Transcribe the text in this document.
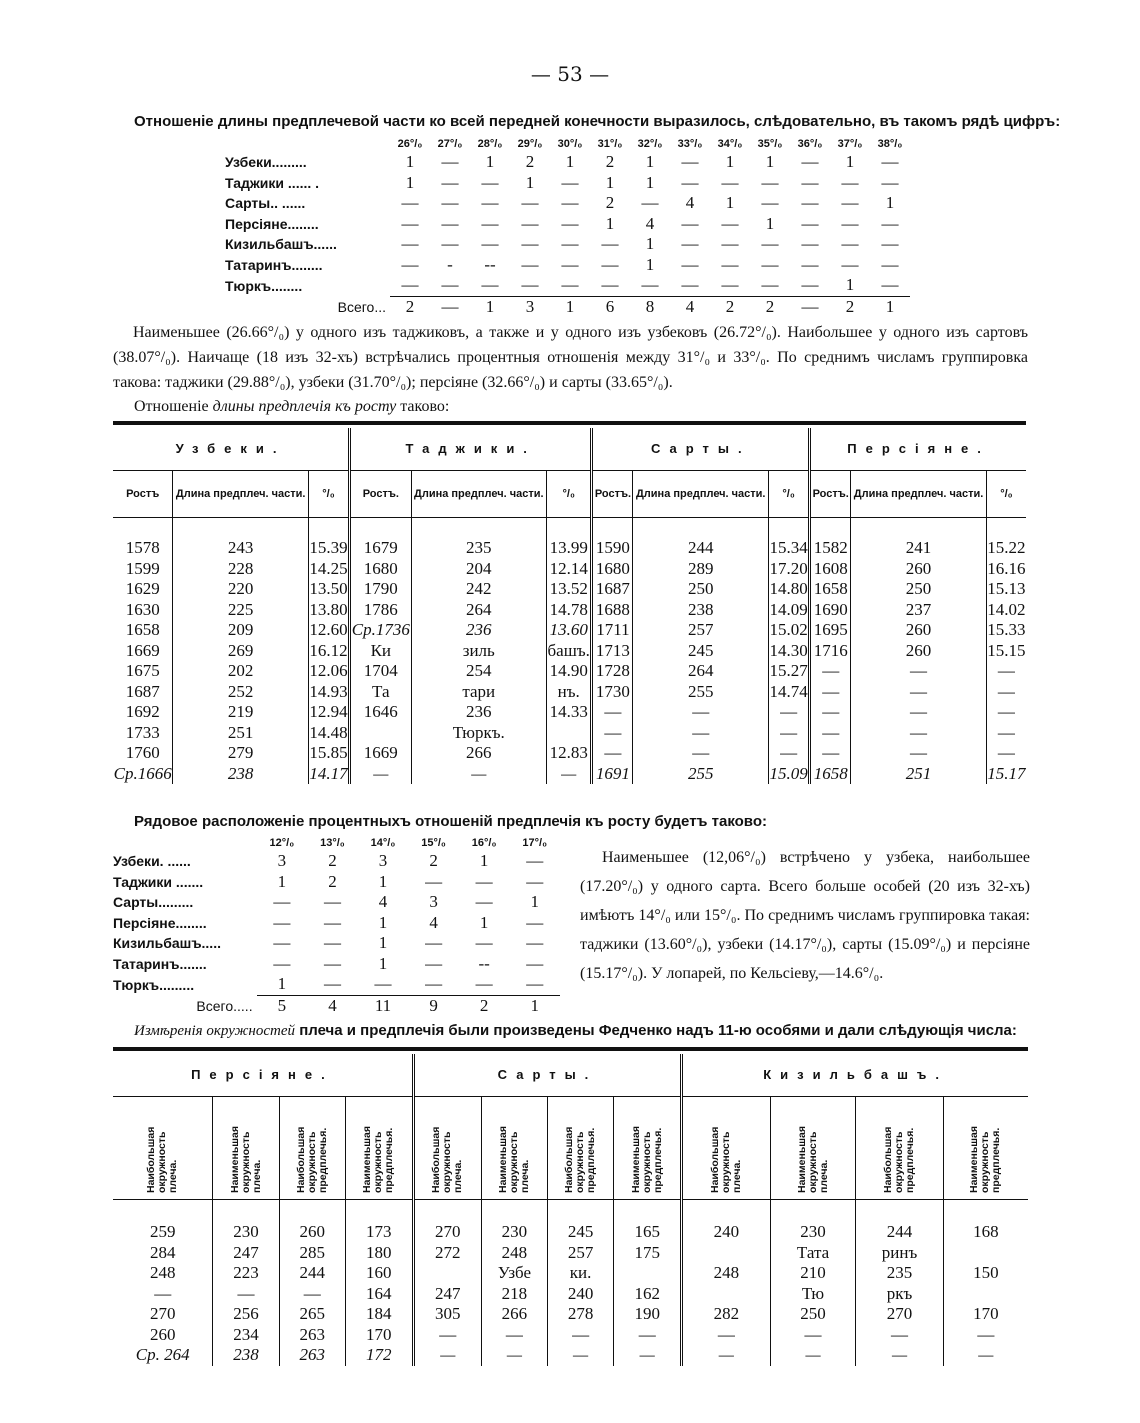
— 53 —
Отношеніе длины предплечевой части ко всей передней конечности выразилось, слѣдовательно, въ такомъ рядѣ цифръ:
	26°/₀	27°/₀	28°/₀	29°/₀	30°/₀	31°/₀	32°/₀	33°/₀	34°/₀	35°/₀	36°/₀	37°/₀	38°/₀
Узбеки.........	1	—	1	2	1	2	1	—	1	1	—	1	—
Таджики ...... .	1	—	—	1	—	1	1	—	—	—	—	—	—
Сарты.. ......	—	—	—	—	—	2	—	4	1	—	—	—	1
Персіяне........	—	—	—	—	—	1	4	—	—	1	—	—	—
Кизильбашъ......	—	—	—	—	—	—	1	—	—	—	—	—	—
Татаринъ........	—	-	--	—	—	—	1	—	—	—	—	—	—
Тюркъ........	—	—	—	—	—	—	—	—	—	—	—	1	—
Всего...	2	—	1	3	1	6	8	4	2	2	—	2	1

Наименьшее (26.66°/₀) у одного изъ таджиковъ, а также и у одного изъ узбековъ (26.72°/₀). Наибольшее у одного изъ сартовъ (38.07°/₀). Наичаще (18 изъ 32-хъ) встрѣчались процентныя отношенія между 31°/₀ и 33°/₀. По среднимъ числамъ группировка такова: таджики (29.88°/₀), узбеки (31.70°/₀); персіяне (32.66°/₀) и сарты (33.65°/₀).

Отношеніе длины предплечія къ росту таково:
Узбеки.			Таджики.			Сарты.			Персіяне.		
Ростъ	Длина предплеч. части.	°/₀	Ростъ.	Длина предплеч. части.	°/₀	Ростъ.	Длина предплеч. части.	°/₀	Ростъ.	Длина предплеч. части.	°/₀

1578	243	15.39	1679	235	13.99	1590	244	15.34	1582	241	15.22
1599	228	14.25	1680	204	12.14	1680	289	17.20	1608	260	16.16
1629	220	13.50	1790	242	13.52	1687	250	14.80	1658	250	15.13
1630	225	13.80	1786	264	14.78	1688	238	14.09	1690	237	14.02
1658	209	12.60	Ср.1736	236	13.60	1711	257	15.02	1695	260	15.33
1669	269	16.12	Ки	зиль	башъ.	1713	245	14.30	1716	260	15.15
1675	202	12.06	1704	254	14.90	1728	264	15.27	—	—	—
1687	252	14.93	Та	тари	нъ.	1730	255	14.74	—	—	—
1692	219	12.94	1646	236	14.33	—	—	—	—	—	—
1733	251	14.48		Тюркъ.		—	—	—	—	—	—
1760	279	15.85	1669	266	12.83	—	—	—	—	—	—
Ср.1666	238	14.17	—	—	—	1691	255	15.09	1658	251	15.17
Рядовое расположеніе процентныхъ отношеній предплечія къ росту будетъ таково:
	12°/₀	13°/₀	14°/₀	15°/₀	16°/₀	17°/₀
Узбеки. ......	3	2	3	2	1	—
Таджики .......	1	2	1	—	—	—
Сарты.........	—	—	4	3	—	1
Персіяне........	—	—	1	4	1	—
Кизильбашъ.....	—	—	1	—	—	—
Татаринъ.......	—	—	1	—	--	—
Тюркъ.........	1	—	—	—	—	—
Всего.....	5	4	11	9	2	1

Наименьшее (12,06°/₀) встрѣчено у узбека, наибольшее (17.20°/₀) у одного сарта. Всего больше особей (20 изъ 32-хъ) имѣютъ 14°/₀ или 15°/₀. По среднимъ числамъ группировка такая: таджики (13.60°/₀), узбеки (14.17°/₀), сарты (15.09°/₀) и персіяне (15.17°/₀). У лопарей, по Кельсіеву,—14.6°/₀.

Измѣренія окружностей плеча и предплечія были произведены Федченко надъ 11-ю особями и дали слѣдующія числа:
Персіяне.				Сарты.				Кизильбашъ.			
Наибольшая окружность плеча.	Наименьшая окружность плеча.	Наибольшая окружность предплечья.	Наименьшая окружность предплечья.	Наибольшая окружность плеча.	Наименьшая окружность плеча.	Наибольшая окружность предплечья.	Наименьшая окружность предплечья.	Наибольшая окружность плеча.	Наименьшая окружность плеча.	Наибольшая окружность предплечья.	Наименьшая окружность предплечья.

259	230	260	173	270	230	245	165	240	230	244	168
284	247	285	180	272	248	257	175		Тата	ринъ	
248	223	244	160		Узбе	ки.		248	210	235	150
—	—	—	164	247	218	240	162		Тю	ркъ	
270	256	265	184	305	266	278	190	282	250	270	170
260	234	263	170	—	—	—	—	—	—	—	—
Ср. 264	238	263	172	—	—	—	—	—	—	—	—
